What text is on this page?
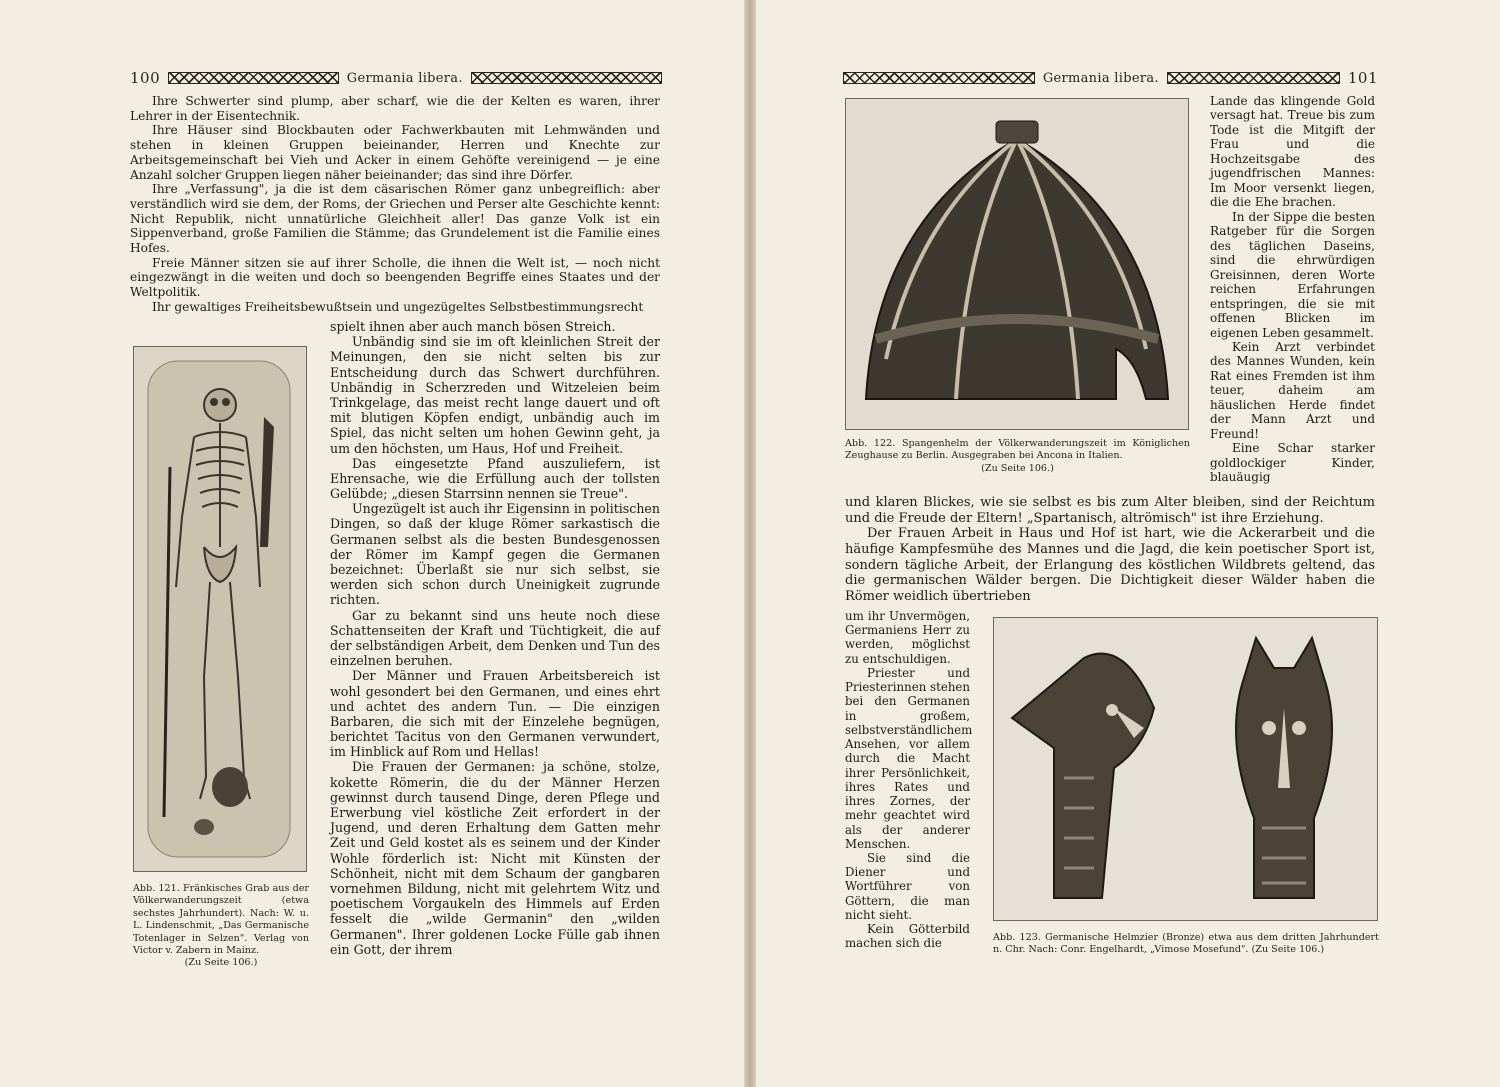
100	Germania libera.

Ihre Schwerter sind plump, aber scharf, wie die der Kelten es waren, ihrer Lehrer in der Eisentechnik.

Ihre Häuser sind Blockbauten oder Fachwerkbauten mit Lehmwänden und stehen in kleinen Gruppen beieinander, Herren und Knechte zur Arbeitsgemeinschaft bei Vieh und Acker in einem Gehöfte vereinigend — je eine Anzahl solcher Gruppen liegen näher beieinander; das sind ihre Dörfer.

Ihre „Verfassung", ja die ist dem cäsarischen Römer ganz unbegreiflich: aber verständlich wird sie dem, der Roms, der Griechen und Perser alte Geschichte kennt: Nicht Republik, nicht unnatürliche Gleichheit aller! Das ganze Volk ist ein Sippenverband, große Familien die Stämme; das Grundelement ist die Familie eines Hofes.

Freie Männer sitzen sie auf ihrer Scholle, die ihnen die Welt ist, — noch nicht eingezwängt in die weiten und doch so beengenden Begriffe eines Staates und der Weltpolitik.

Ihr gewaltiges Freiheitsbewußtsein und ungezügeltes Selbstbestimmungsrecht

Abb. 121. Fränkisches Grab aus der Völkerwanderungszeit (etwa sechstes Jahrhundert). Nach: W. u. L. Lindenschmit, „Das Germanische Totenlager in Selzen". Verlag von Victor v. Zabern in Mainz.
(Zu Seite 106.)

spielt ihnen aber auch manch bösen Streich.

Unbändig sind sie im oft kleinlichen Streit der Meinungen, den sie nicht selten bis zur Entscheidung durch das Schwert durchführen. Unbändig in Scherzreden und Witzeleien beim Trinkgelage, das meist recht lange dauert und oft mit blutigen Köpfen endigt, unbändig auch im Spiel, das nicht selten um hohen Gewinn geht, ja um den höchsten, um Haus, Hof und Freiheit.

Das eingesetzte Pfand auszuliefern, ist Ehrensache, wie die Erfüllung auch der tollsten Gelübde; „diesen Starrsinn nennen sie Treue".

Ungezügelt ist auch ihr Eigensinn in politischen Dingen, so daß der kluge Römer sarkastisch die Germanen selbst als die besten Bundesgenossen der Römer im Kampf gegen die Germanen bezeichnet: Überlaßt sie nur sich selbst, sie werden sich schon durch Uneinigkeit zugrunde richten.

Gar zu bekannt sind uns heute noch diese Schattenseiten der Kraft und Tüchtigkeit, die auf der selbständigen Arbeit, dem Denken und Tun des einzelnen beruhen.

Der Männer und Frauen Arbeitsbereich ist wohl gesondert bei den Germanen, und eines ehrt und achtet des andern Tun. — Die einzigen Barbaren, die sich mit der Einzelehe begnügen, berichtet Tacitus von den Germanen verwundert, im Hinblick auf Rom und Hellas!

Die Frauen der Germanen: ja schöne, stolze, kokette Römerin, die du der Männer Herzen gewinnst durch tausend Dinge, deren Pflege und Erwerbung viel köstliche Zeit erfordert in der Jugend, und deren Erhaltung dem Gatten mehr Zeit und Geld kostet als es seinem und der Kinder Wohle förderlich ist: Nicht mit Künsten der Schönheit, nicht mit dem Schaum der gangbaren vornehmen Bildung, nicht mit gelehrtem Witz und poetischem Vorgaukeln des Himmels auf Erden fesselt die „wilde Germanin" den „wilden Germanen". Ihrer goldenen Locke Fülle gab ihnen ein Gott, der ihrem

Germania libera.	101
Abb. 122. Spangenhelm der Völkerwanderungszeit im Königlichen Zeughause zu Berlin. Ausgegraben bei Ancona in Italien.
(Zu Seite 106.)

Lande das klingende Gold versagt hat. Treue bis zum Tode ist die Mitgift der Frau und die Hochzeitsgabe des jugendfrischen Mannes: Im Moor versenkt liegen, die die Ehe brachen.

In der Sippe die besten Ratgeber für die Sorgen des täglichen Daseins, sind die ehrwürdigen Greisinnen, deren Worte reichen Erfahrungen entspringen, die sie mit offenen Blicken im eigenen Leben gesammelt.

Kein Arzt verbindet des Mannes Wunden, kein Rat eines Fremden ist ihm teuer, daheim am häuslichen Herde findet der Mann Arzt und Freund!

Eine Schar starker goldlockiger Kinder, blauäugig

und klaren Blickes, wie sie selbst es bis zum Alter bleiben, sind der Reichtum und die Freude der Eltern! „Spartanisch, altrömisch" ist ihre Erziehung.

Der Frauen Arbeit in Haus und Hof ist hart, wie die Ackerarbeit und die häufige Kampfesmühe des Mannes und die Jagd, die kein poetischer Sport ist, sondern tägliche Arbeit, der Erlangung des köstlichen Wildbrets geltend, das die germanischen Wälder bergen. Die Dichtigkeit dieser Wälder haben die Römer weidlich übertrieben

Abb. 123. Germanische Helmzier (Bronze) etwa aus dem dritten Jahrhundert n. Chr. Nach: Conr. Engelhardt, „Vimose Mosefund". (Zu Seite 106.)

um ihr Unvermögen, Germaniens Herr zu werden, möglichst zu entschuldigen.

Priester und Priesterinnen stehen bei den Germanen in großem, selbstverständlichem Ansehen, vor allem durch die Macht ihrer Persönlichkeit, ihres Rates und ihres Zornes, der mehr geachtet wird als der anderer Menschen.

Sie sind die Diener und Wortführer von Göttern, die man nicht sieht.

Kein Götterbild machen sich die
